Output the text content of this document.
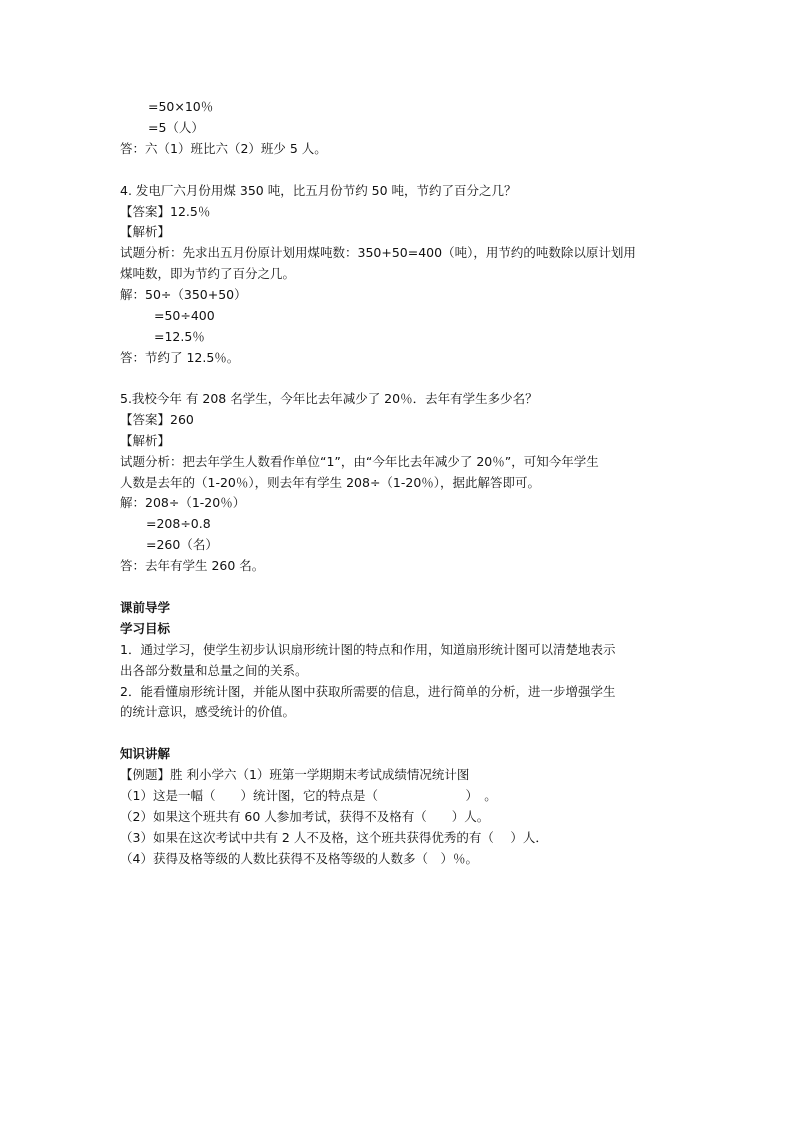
=50×10％
=5（人）
答：六（1）班比六（2）班少 5 人。
4. 发电厂六月份用煤 350 吨，比五月份节约 50 吨，节约了百分之几？
【答案】12.5％
【解析】
试题分析：先求出五月份原计划用煤吨数：350+50=400（吨），用节约的吨数除以原计划用
煤吨数，即为节约了百分之几。
解：50÷（350+50）
=50÷400
=12.5％
答：节约了 12.5％。
5.我校今年 有 208 名学生，今年比去年减少了 20％．去年有学生多少名？
【答案】260
【解析】
试题分析：把去年学生人数看作单位“1”，由“今年比去年减少了 20％”，可知今年学生
人数是去年的（1-20％），则去年有学生 208÷（1-20％），据此解答即可。
解：208÷（1-20％）
=208÷0.8
=260（名）
答：去年有学生 260 名。
课前导学
学习目标
1．通过学习，使学生初步认识扇形统计图的特点和作用，知道扇形统计图可以清楚地表示
出各部分数量和总量之间的关系。
2．能看懂扇形统计图，并能从图中获取所需要的信息，进行简单的分析，进一步增强学生
的统计意识，感受统计的价值。
知识讲解
【例题】胜 利小学六（1）班第一学期期末考试成绩情况统计图
（1）这是一幅（　　）统计图，它的特点是（　　　　　　　）　。
（2）如果这个班共有 60 人参加考试，获得不及格有（　　）人。
（3）如果在这次考试中共有 2 人不及格，这个班共获得优秀的有（　 ）人．
（4）获得及格等级的人数比获得不及格等级的人数多（　）％。
